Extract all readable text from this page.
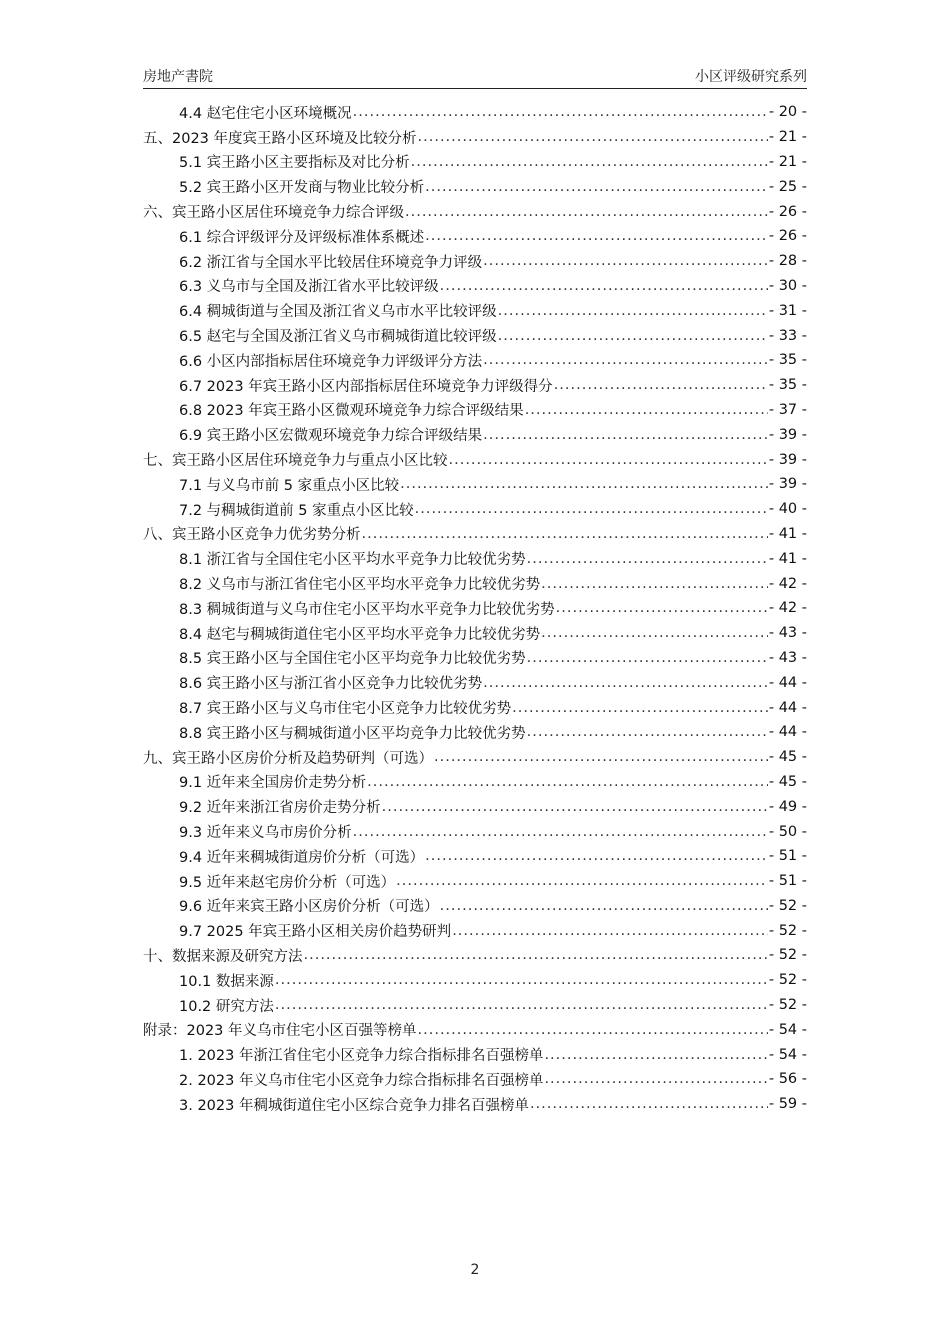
房地产書院	小区评级研究系列
4.4 赵宅住宅小区环境概况 .....	- 20 -
五、2023 年度宾王路小区环境及比较分析 .....	- 21 -
5.1 宾王路小区主要指标及对比分析 .....	- 21 -
5.2 宾王路小区开发商与物业比较分析 .....	- 25 -
六、宾王路小区居住环境竞争力综合评级 .....	- 26 -
6.1 综合评级评分及评级标准体系概述 .....	- 26 -
6.2 浙江省与全国水平比较居住环境竞争力评级 .....	- 28 -
6.3 义乌市与全国及浙江省水平比较评级 .....	- 30 -
6.4 稠城街道与全国及浙江省义乌市水平比较评级 .....	- 31 -
6.5 赵宅与全国及浙江省义乌市稠城街道比较评级 .....	- 33 -
6.6 小区内部指标居住环境竞争力评级评分方法 .....	- 35 -
6.7 2023 年宾王路小区内部指标居住环境竞争力评级得分 .....	- 35 -
6.8 2023 年宾王路小区微观环境竞争力综合评级结果 .....	- 37 -
6.9 宾王路小区宏微观环境竞争力综合评级结果 .....	- 39 -
七、宾王路小区居住环境竞争力与重点小区比较 .....	- 39 -
7.1 与义乌市前 5 家重点小区比较 .....	- 39 -
7.2 与稠城街道前 5 家重点小区比较 .....	- 40 -
八、宾王路小区竞争力优劣势分析 .....	- 41 -
8.1 浙江省与全国住宅小区平均水平竞争力比较优劣势 .....	- 41 -
8.2 义乌市与浙江省住宅小区平均水平竞争力比较优劣势 .....	- 42 -
8.3 稠城街道与义乌市住宅小区平均水平竞争力比较优劣势 .....	- 42 -
8.4 赵宅与稠城街道住宅小区平均水平竞争力比较优劣势 .....	- 43 -
8.5 宾王路小区与全国住宅小区平均竞争力比较优劣势 .....	- 43 -
8.6 宾王路小区与浙江省小区竞争力比较优劣势 .....	- 44 -
8.7 宾王路小区与义乌市住宅小区竞争力比较优劣势 .....	- 44 -
8.8 宾王路小区与稠城街道小区平均竞争力比较优劣势 .....	- 44 -
九、宾王路小区房价分析及趋势研判（可选） .....	- 45 -
9.1 近年来全国房价走势分析 .....	- 45 -
9.2 近年来浙江省房价走势分析 .....	- 49 -
9.3 近年来义乌市房价分析 .....	- 50 -
9.4 近年来稠城街道房价分析（可选） .....	- 51 -
9.5 近年来赵宅房价分析（可选） .....	- 51 -
9.6 近年来宾王路小区房价分析（可选） .....	- 52 -
9.7 2025 年宾王路小区相关房价趋势研判 .....	- 52 -
十、数据来源及研究方法 .....	- 52 -
10.1 数据来源 .....	- 52 -
10.2 研究方法 .....	- 52 -
附录：2023 年义乌市住宅小区百强等榜单 .....	- 54 -
1. 2023 年浙江省住宅小区竞争力综合指标排名百强榜单 .....	- 54 -
2. 2023 年义乌市住宅小区竞争力综合指标排名百强榜单 .....	- 56 -
3. 2023 年稠城街道住宅小区综合竞争力排名百强榜单 .....	- 59 -
2
